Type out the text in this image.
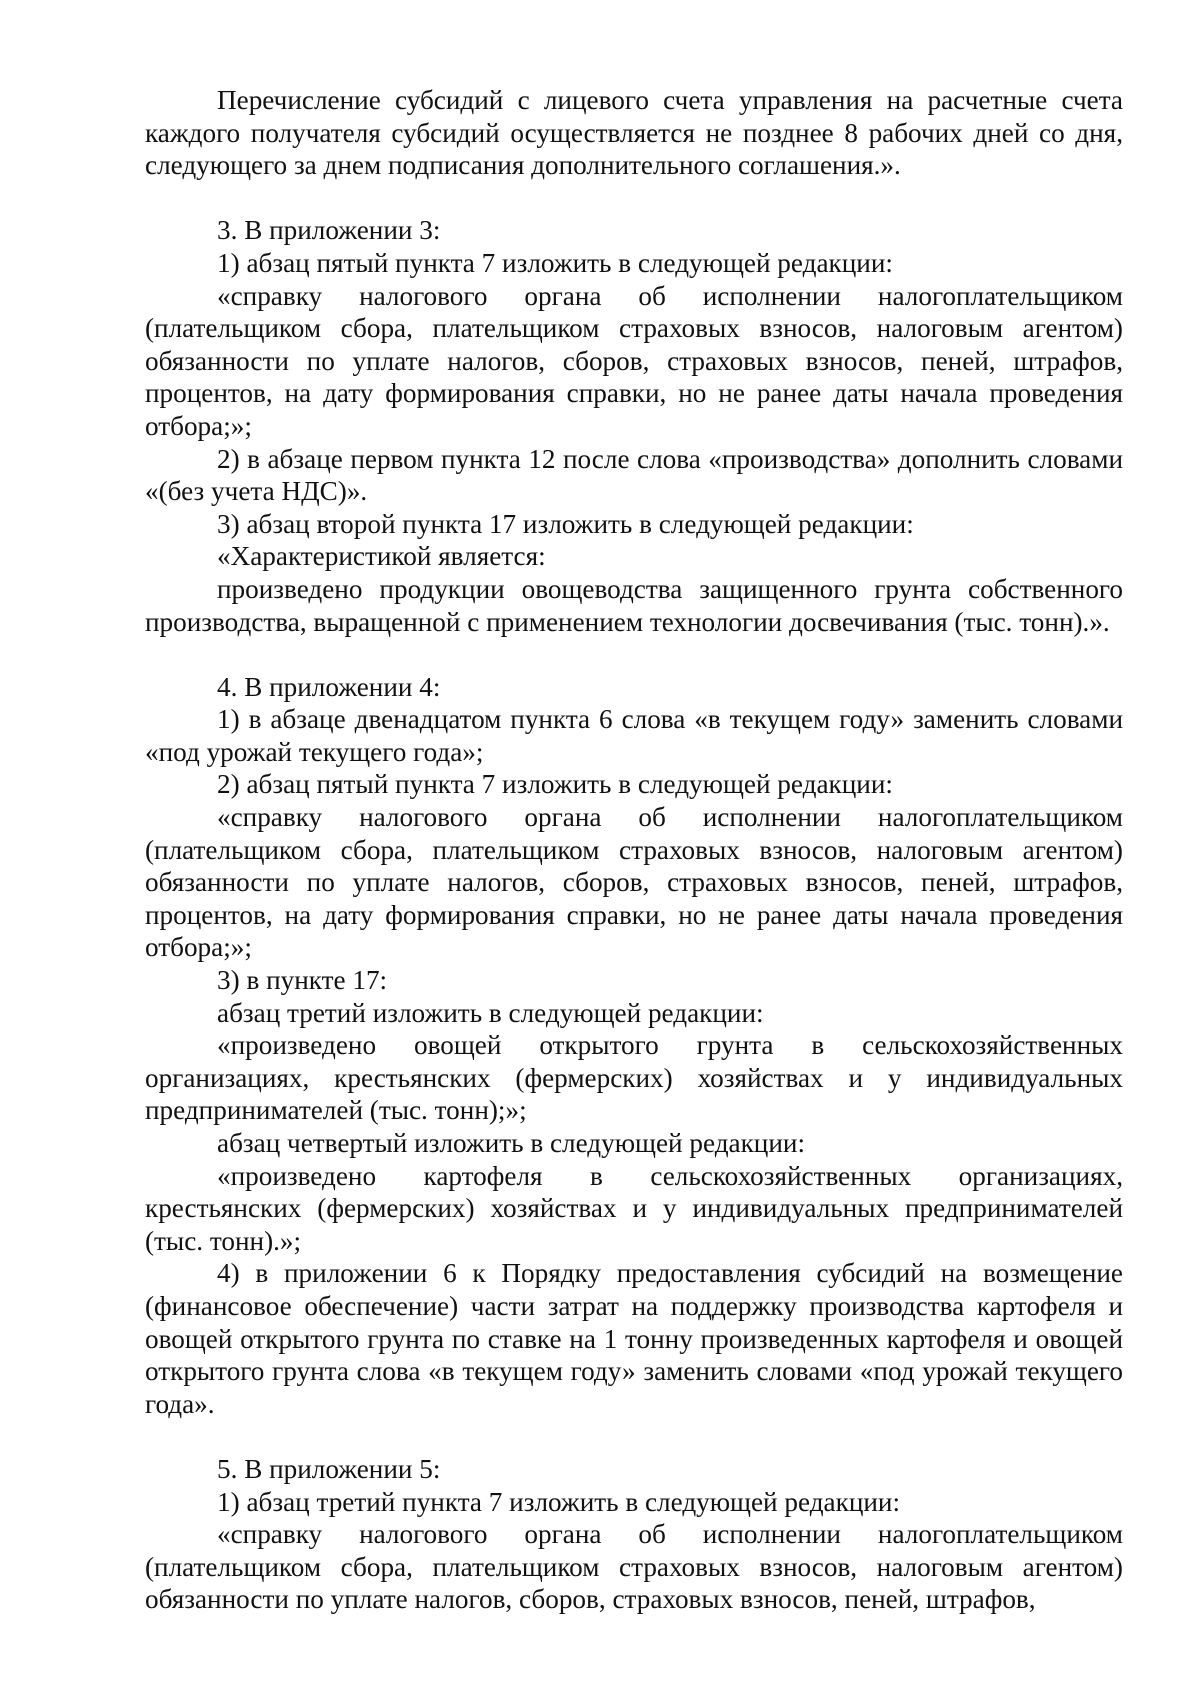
Перечисление субсидий с лицевого счета управления на расчетные счета каждого получателя субсидий осуществляется не позднее 8 рабочих дней со дня, следующего за днем подписания дополнительного соглашения.».

3. В приложении 3:

1) абзац пятый пункта 7 изложить в следующей редакции:

«справку налогового органа об исполнении налогоплательщиком (плательщиком сбора, плательщиком страховых взносов, налоговым агентом) обязанности по уплате налогов, сборов, страховых взносов, пеней, штрафов, процентов, на дату формирования справки, но не ранее даты начала проведения отбора;»;

2) в абзаце первом пункта 12 после слова «производства» дополнить словами «(без учета НДС)».

3) абзац второй пункта 17 изложить в следующей редакции:

«Характеристикой является:

произведено продукции овощеводства защищенного грунта собственного производства, выращенной с применением технологии досвечивания (тыс. тонн).».

4. В приложении 4:

1) в абзаце двенадцатом пункта 6 слова «в текущем году» заменить словами «под урожай текущего года»;

2) абзац пятый пункта 7 изложить в следующей редакции:

«справку налогового органа об исполнении налогоплательщиком (плательщиком сбора, плательщиком страховых взносов, налоговым агентом) обязанности по уплате налогов, сборов, страховых взносов, пеней, штрафов, процентов, на дату формирования справки, но не ранее даты начала проведения отбора;»;

3) в пункте 17:

абзац третий изложить в следующей редакции:

«произведено овощей открытого грунта в сельскохозяйственных организациях, крестьянских (фермерских) хозяйствах и у индивидуальных предпринимателей (тыс. тонн);»;

абзац четвертый изложить в следующей редакции:

«произведено картофеля в сельскохозяйственных организациях, крестьянских (фермерских) хозяйствах и у индивидуальных предпринимателей (тыс. тонн).»;

4) в приложении 6 к Порядку предоставления субсидий на возмещение (финансовое обеспечение) части затрат на поддержку производства картофеля и овощей открытого грунта по ставке на 1 тонну произведенных картофеля и овощей открытого грунта слова «в текущем году» заменить словами «под урожай текущего года».

5. В приложении 5:

1) абзац третий пункта 7 изложить в следующей редакции:

«справку налогового органа об исполнении налогоплательщиком (плательщиком сбора, плательщиком страховых взносов, налоговым агентом) обязанности по уплате налогов, сборов, страховых взносов, пеней, штрафов,
